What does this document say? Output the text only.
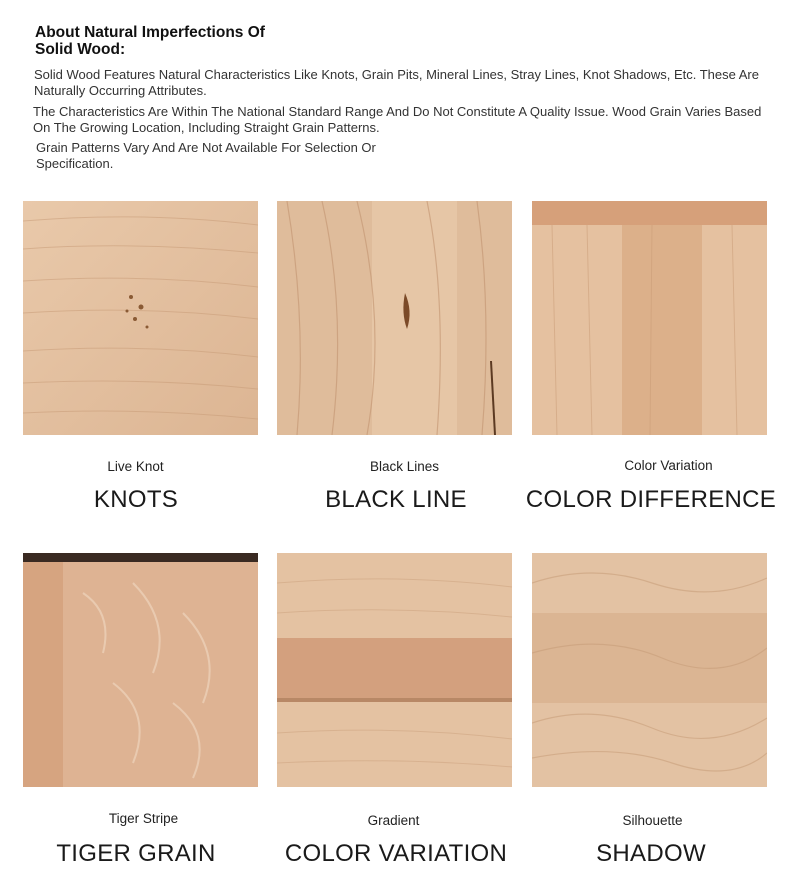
About Natural Imperfections Of Solid Wood:
Solid Wood Features Natural Characteristics Like Knots, Grain Pits, Mineral Lines, Stray Lines, Knot Shadows, Etc. These Are Naturally Occurring Attributes.
The Characteristics Are Within The National Standard Range And Do Not Constitute A Quality Issue. Wood Grain Varies Based On The Growing Location, Including Straight Grain Patterns.
Grain Patterns Vary And Are Not Available For Selection Or Specification.
Live Knot	Black Lines	Color Variation
KNOTS	BLACK LINE	COLOR DIFFERENCE
Tiger Stripe	Gradient	Silhouette
TIGER GRAIN	COLOR VARIATION	SHADOW
